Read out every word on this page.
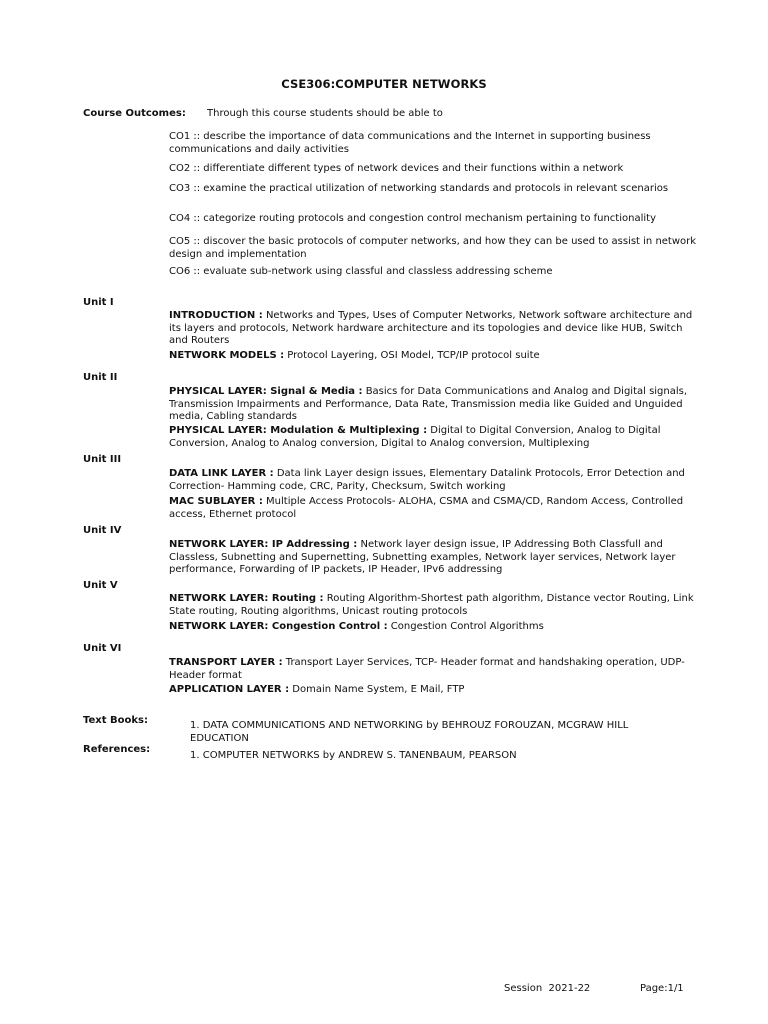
CSE306:COMPUTER NETWORKS
Course Outcomes: Through this course students should be able to
CO1 :: describe the importance of data communications and the Internet in supporting business communications and daily activities
CO2 :: differentiate different types of network devices and their functions within a network
CO3 :: examine the practical utilization of networking standards and protocols in relevant scenarios
CO4 :: categorize routing protocols and congestion control mechanism pertaining to functionality
CO5 :: discover the basic protocols of computer networks, and how they can be used to assist in network design and implementation
CO6 :: evaluate sub-network using classful and classless addressing scheme
Unit I
INTRODUCTION : Networks and Types, Uses of Computer Networks, Network software architecture and its layers and protocols, Network hardware architecture and its topologies and device like HUB, Switch and Routers
NETWORK MODELS : Protocol Layering, OSI Model, TCP/IP protocol suite
Unit II
PHYSICAL LAYER: Signal & Media : Basics for Data Communications and Analog and Digital signals, Transmission Impairments and Performance, Data Rate, Transmission media like Guided and Unguided media, Cabling standards
PHYSICAL LAYER: Modulation & Multiplexing : Digital to Digital Conversion, Analog to Digital Conversion, Analog to Analog conversion, Digital to Analog conversion, Multiplexing
Unit III
DATA LINK LAYER : Data link Layer design issues, Elementary Datalink Protocols, Error Detection and Correction- Hamming code, CRC, Parity, Checksum, Switch working
MAC SUBLAYER : Multiple Access Protocols- ALOHA, CSMA and CSMA/CD, Random Access, Controlled access, Ethernet protocol
Unit IV
NETWORK LAYER: IP Addressing : Network layer design issue, IP Addressing Both Classfull and Classless, Subnetting and Supernetting, Subnetting examples, Network layer services, Network layer performance, Forwarding of IP packets, IP Header, IPv6 addressing
Unit V
NETWORK LAYER: Routing : Routing Algorithm-Shortest path algorithm, Distance vector Routing, Link State routing, Routing algorithms, Unicast routing protocols
NETWORK LAYER: Congestion Control : Congestion Control Algorithms
Unit VI
TRANSPORT LAYER : Transport Layer Services, TCP- Header format and handshaking operation, UDP- Header format
APPLICATION LAYER : Domain Name System, E Mail, FTP
Text Books:	1. DATA COMMUNICATIONS AND NETWORKING by BEHROUZ FOROUZAN, MCGRAW HILL EDUCATION
References:
1. COMPUTER NETWORKS by ANDREW S. TANENBAUM, PEARSON
Session  2021-22	Page:1/1
